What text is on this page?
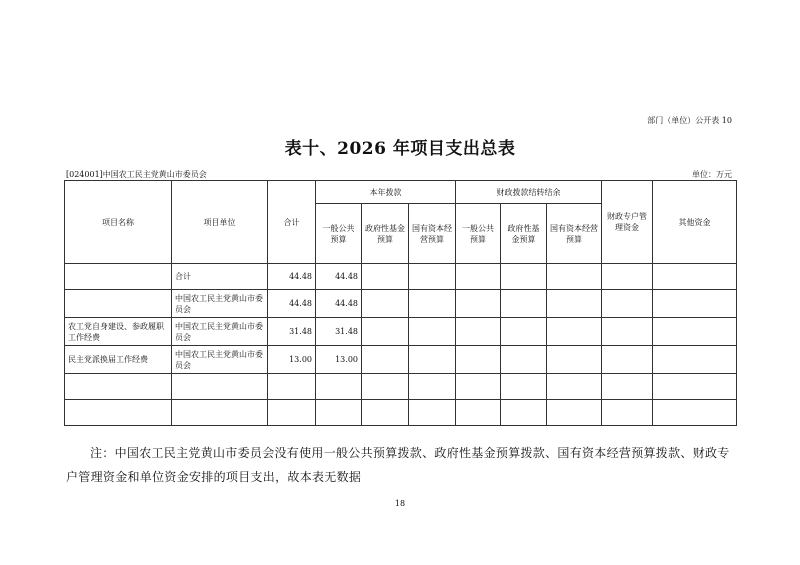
部门（单位）公开表 10
表十、2026 年项目支出总表
[024001]中国农工民主党黄山市委员会	单位：万元
项目名称	项目单位	合计	本年拨款			财政拨款结转结余			财政专户管理资金	其他资金
			一般公共预算	政府性基金预算	国有资本经营预算	一般公共预算	政府性基金预算	国有资本经营预算		
	合计	44.48	44.48							
	中国农工民主党黄山市委员会	44.48	44.48							
农工党自身建设、参政履职工作经费	中国农工民主党黄山市委员会	31.48	31.48							
民主党派换届工作经费	中国农工民主党黄山市委员会	13.00	13.00							

注：中国农工民主党黄山市委员会没有使用一般公共预算拨款、政府性基金预算拨款、国有资本经营预算拨款、财政专户管理资金和单位资金安排的项目支出，故本表无数据
18
